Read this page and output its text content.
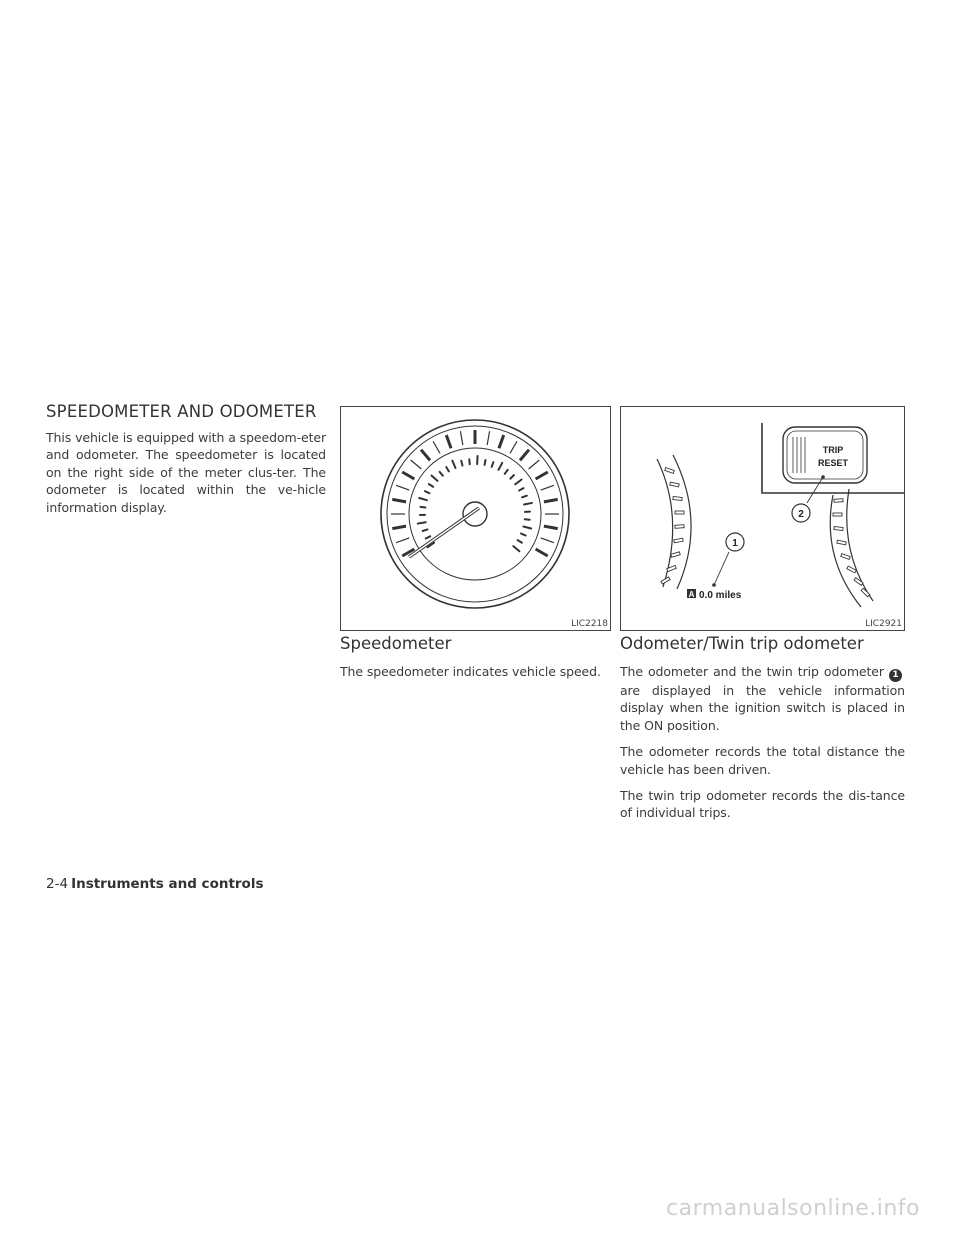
SPEEDOMETER AND ODOMETER

This vehicle is equipped with a speedom-eter and odometer. The speedometer is located on the right side of the meter clus-ter. The odometer is located within the ve-hicle information display.

LIC2218
TRIP
RESET
2
1
A 0.0 miles
LIC2921
Speedometer

The speedometer indicates vehicle speed.

Odometer/Twin trip odometer

The odometer and the twin trip odometer 1are displayed in the vehicle information display when the ignition switch is placed in the ON position.

The odometer records the total distance the vehicle has been driven.

The twin trip odometer records the dis-tance of individual trips.

2-4 Instruments and controls
carmanualsonline.info
